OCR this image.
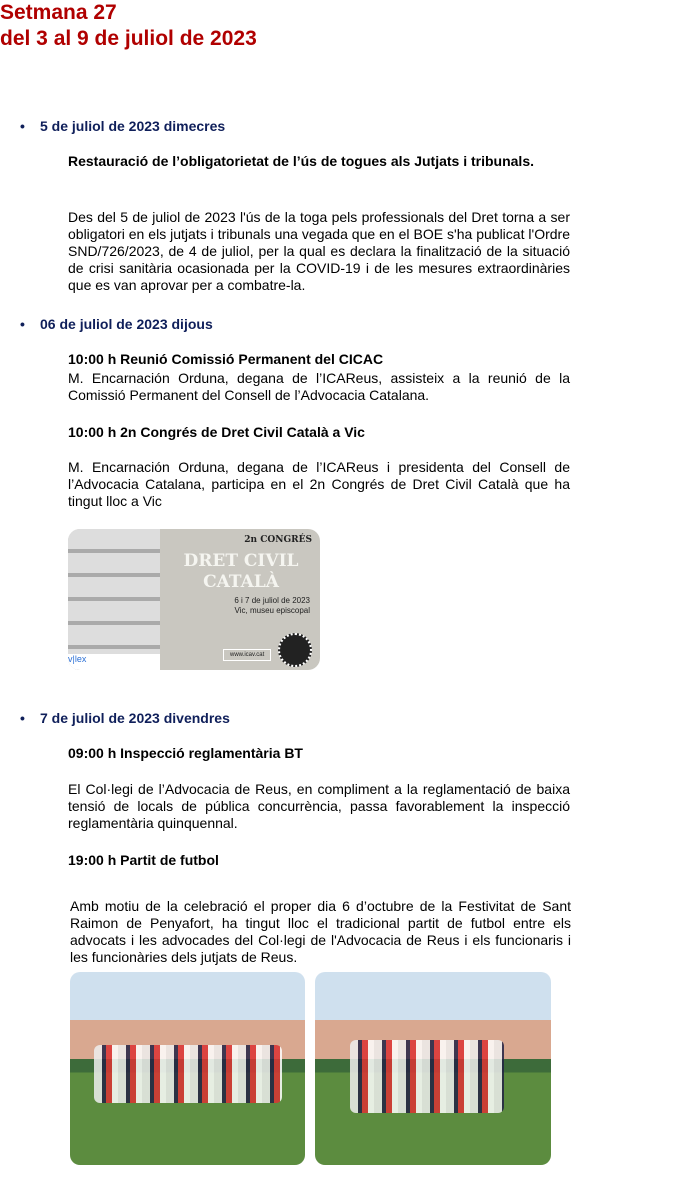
Setmana 27
del 3 al 9 de juliol de 2023
• 5 de juliol de 2023 dimecres
Restauració de l’obligatorietat de l’ús de togues als Jutjats i tribunals.
Des del 5 de juliol de 2023 l'ús de la toga pels professionals del Dret torna a ser obligatori en els jutjats i tribunals una vegada que en el BOE s'ha publicat l'Ordre SND/726/2023, de 4 de juliol, per la qual es declara la finalització de la situació de crisi sanitària ocasionada per la COVID-19 i de les mesures extraordinàries que es van aprovar per a combatre-la.
• 06 de juliol de 2023 dijous
10:00 h Reunió Comissió Permanent del CICAC
M. Encarnación Orduna, degana de l’ICAReus, assisteix a la reunió de la Comissió Permanent del Consell de l’Advocacia Catalana.
10:00 h 2n Congrés de Dret Civil Català a Vic
M. Encarnación Orduna, degana de l’ICAReus i presidenta del Consell de l’Advocacia Catalana, participa en el 2n Congrés de Dret Civil Català que ha tingut lloc a Vic
v|lex
2n CONGRÉS
DRET CIVIL
CATALÀ
6 i 7 de juliol de 2023
Vic, museu episcopal
www.icav.cat
• 7 de juliol de 2023 divendres
09:00 h Inspecció reglamentària BT
El Col·legi de l’Advocacia de Reus, en compliment a la reglamentació de baixa tensió de locals de pública concurrència, passa favorablement la inspecció reglamentària quinquennal.
19:00 h Partit de futbol
Amb motiu de la celebració el proper dia 6 d’octubre de la Festivitat de Sant Raimon de Penyafort, ha tingut lloc el tradicional partit de futbol entre els advocats i les advocades del Col·legi de l'Advocacia de Reus i els funcionaris i les funcionàries dels jutjats de Reus.
